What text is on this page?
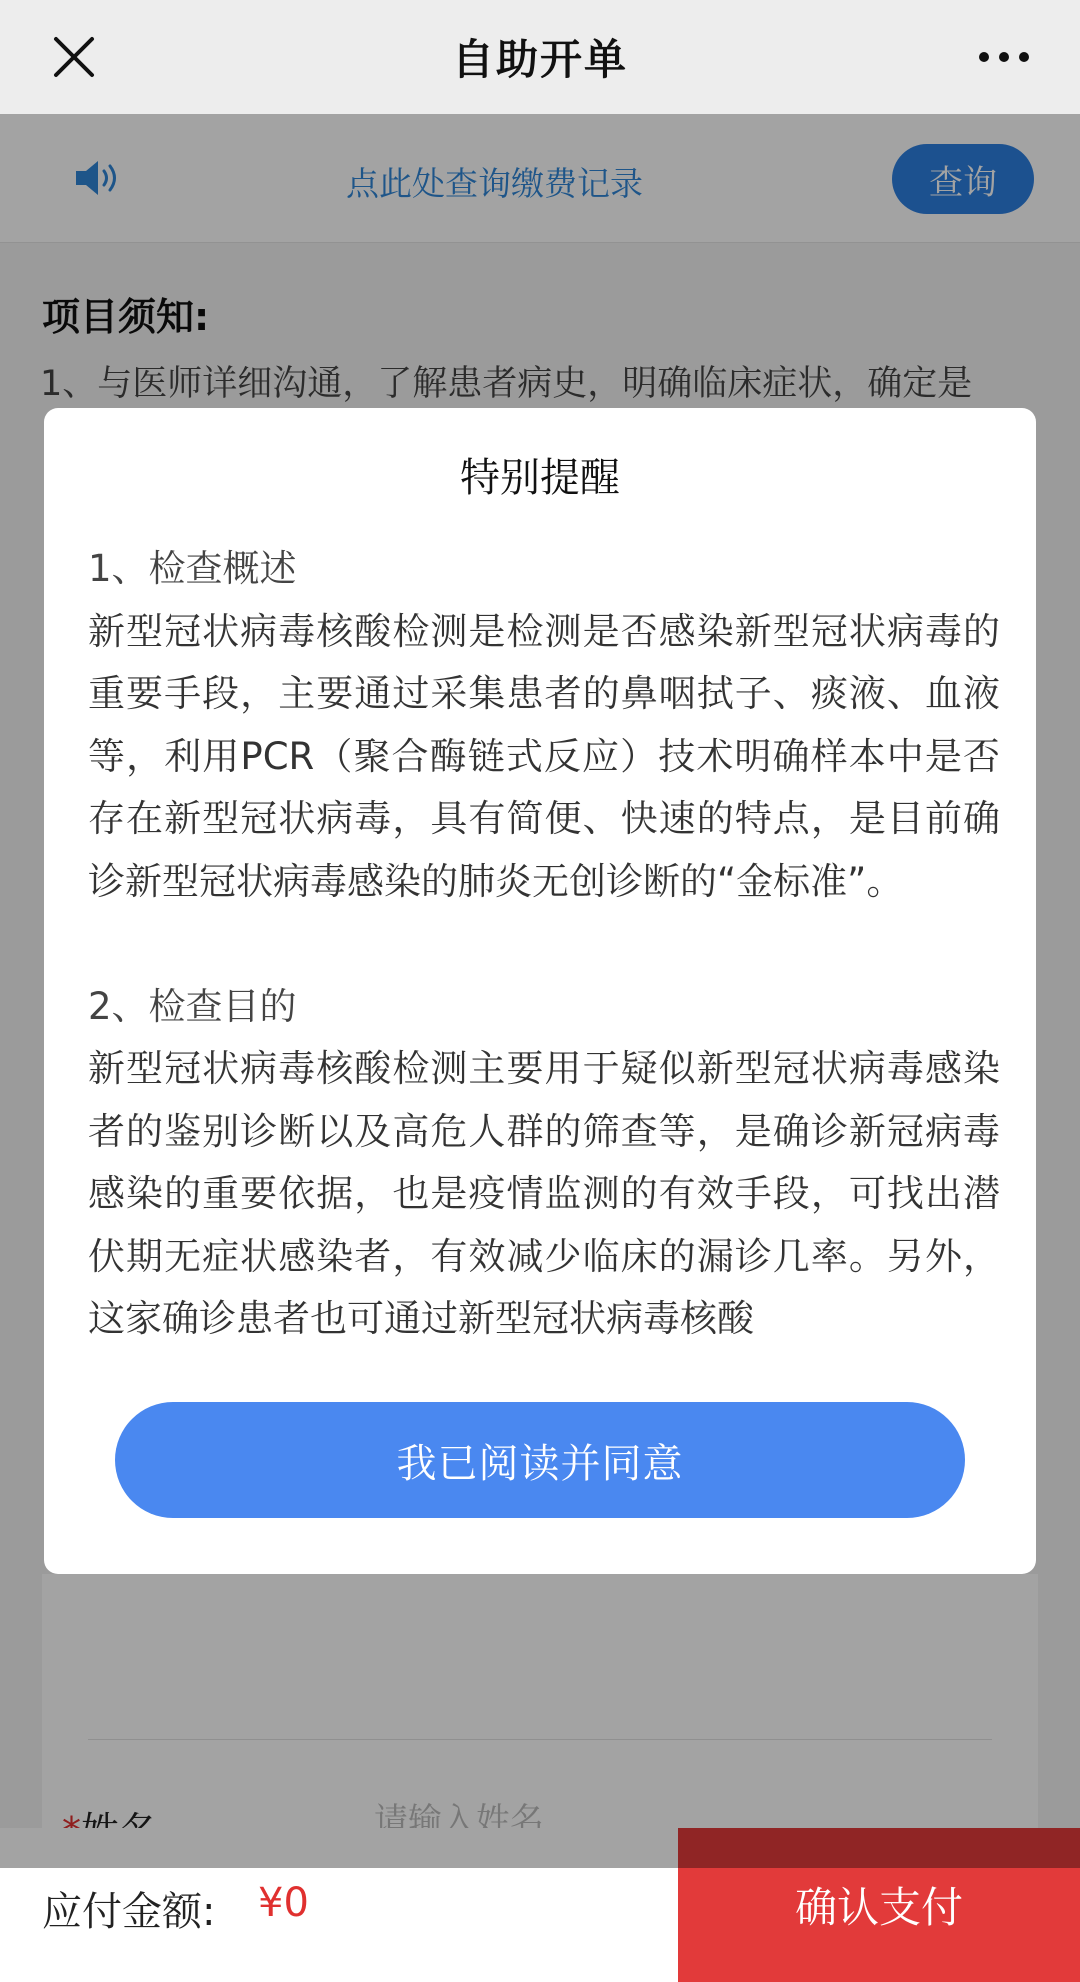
自助开单
点此处查询缴费记录	查询
项目须知:
1、与医师详细沟通，了解患者病史，明确临床症状，确定是
请输入姓名
应付金额: ¥0	确认支付
特别提醒
1、检查概述
新型冠状病毒核酸检测是检测是否感染新型冠状病毒的重要手段，主要通过采集患者的鼻咽拭子、痰液、血液等，利用PCR（聚合酶链式反应）技术明确样本中是否存在新型冠状病毒，具有简便、快速的特点，是目前确诊新型冠状病毒感染的肺炎无创诊断的“金标准”。
2、检查目的
新型冠状病毒核酸检测主要用于疑似新型冠状病毒感染者的鉴别诊断以及高危人群的筛查等，是确诊新冠病毒感染的重要依据，也是疫情监测的有效手段，可找出潜伏期无症状感染者，有效减少临床的漏诊几率。另外，这家确诊患者也可通过新型冠状病毒核酸
我已阅读并同意
